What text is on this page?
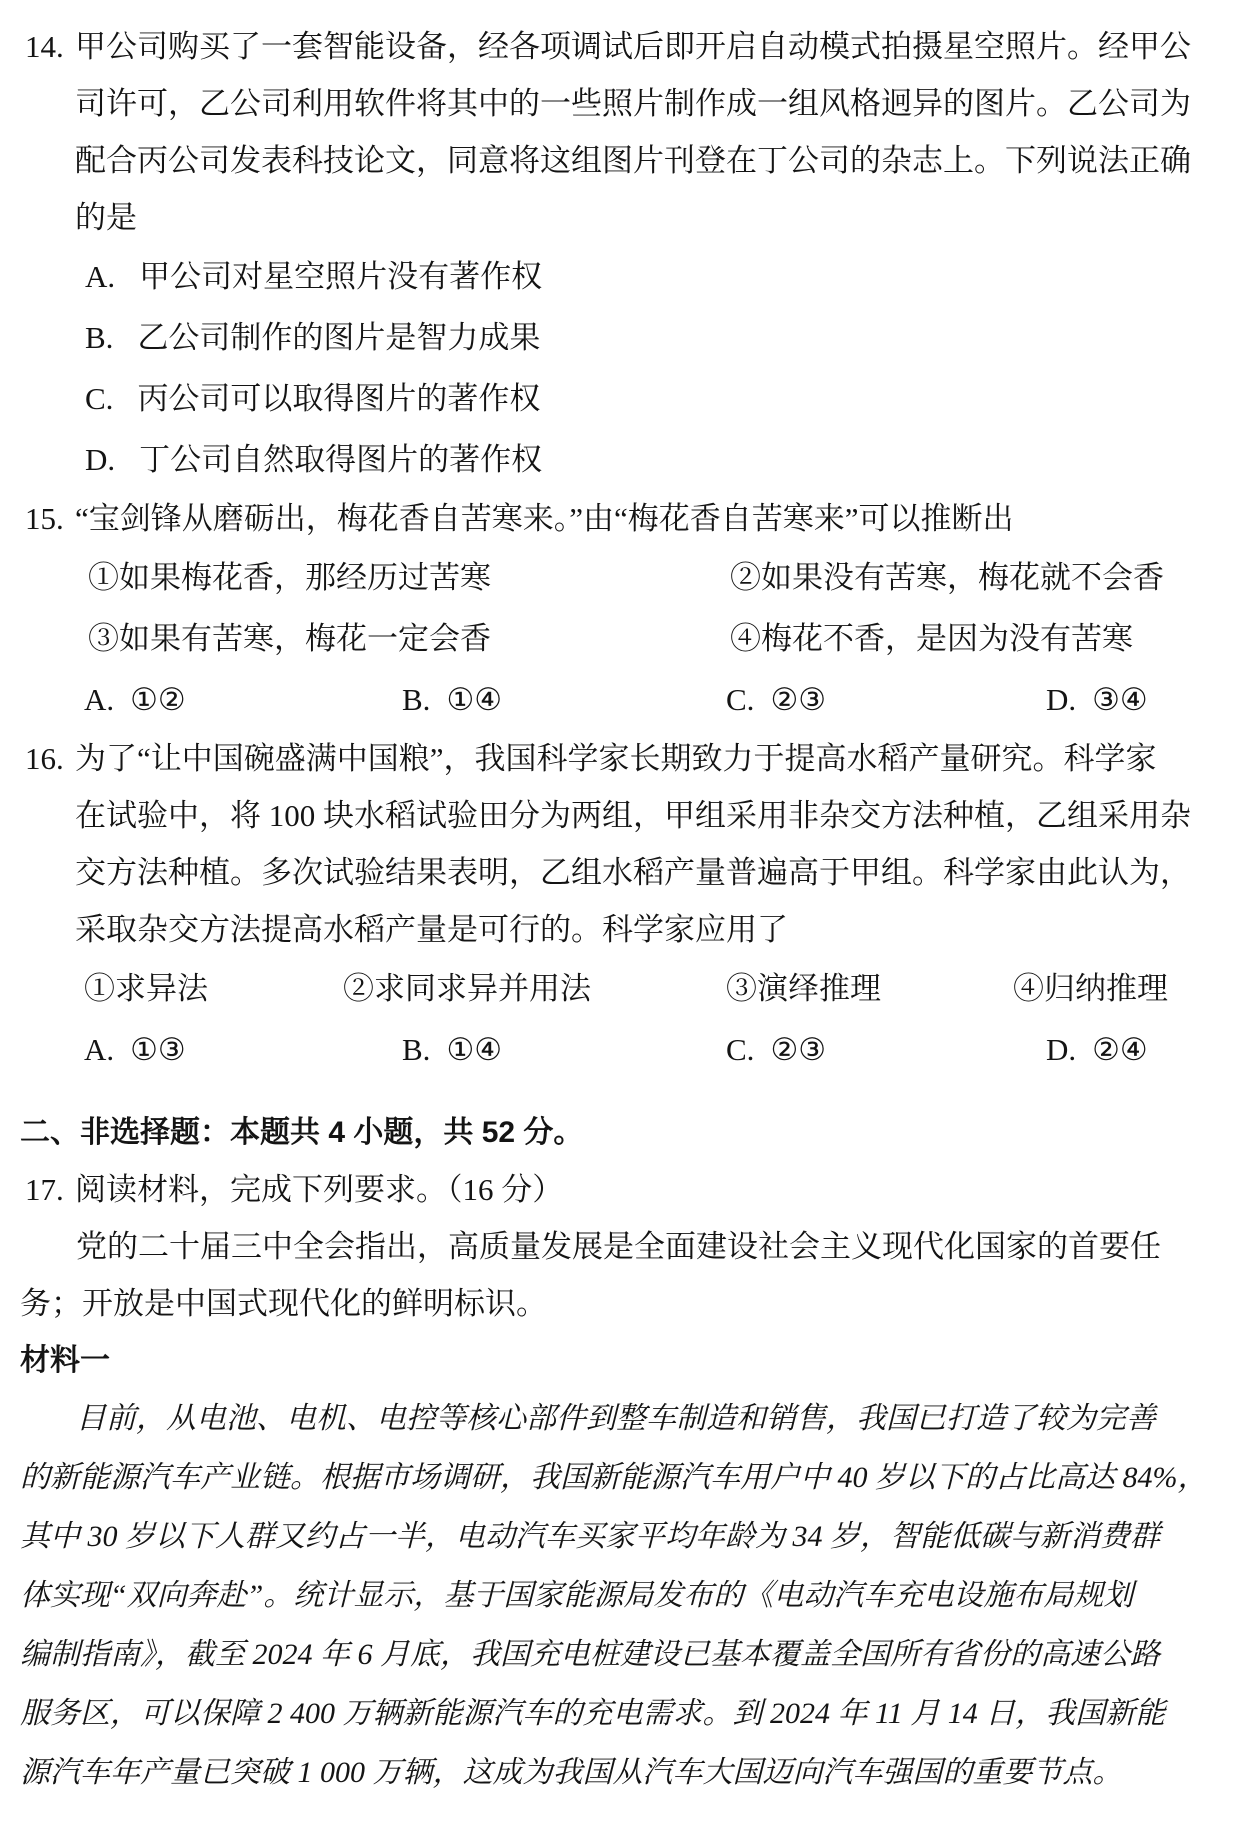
14. 甲公司购买了一套智能设备，经各项调试后即开启自动模式拍摄星空照片。经甲公
司许可，乙公司利用软件将其中的一些照片制作成一组风格迥异的图片。乙公司为
配合丙公司发表科技论文，同意将这组图片刊登在丁公司的杂志上。下列说法正确
的是
A. 甲公司对星空照片没有著作权
B. 乙公司制作的图片是智力成果
C. 丙公司可以取得图片的著作权
D. 丁公司自然取得图片的著作权
15. “宝剑锋从磨砺出，梅花香自苦寒来。”由“梅花香自苦寒来”可以推断出
①如果梅花香，那经历过苦寒	②如果没有苦寒，梅花就不会香
③如果有苦寒，梅花一定会香	④梅花不香，是因为没有苦寒
A. ①②	B. ①④	C. ②③	D. ③④
16. 为了“让中国碗盛满中国粮”，我国科学家长期致力于提高水稻产量研究。科学家
在试验中，将 100 块水稻试验田分为两组，甲组采用非杂交方法种植，乙组采用杂
交方法种植。多次试验结果表明，乙组水稻产量普遍高于甲组。科学家由此认为，
采取杂交方法提高水稻产量是可行的。科学家应用了
①求异法	②求同求异并用法	③演绎推理	④归纳推理
A. ①③	B. ①④	C. ②③	D. ②④
二、非选择题：本题共 4 小题，共 52 分。
17. 阅读材料，完成下列要求。（16 分）
党的二十届三中全会指出，高质量发展是全面建设社会主义现代化国家的首要任
务；开放是中国式现代化的鲜明标识。
材料一
目前，从电池、电机、电控等核心部件到整车制造和销售，我国已打造了较为完善
的新能源汽车产业链。根据市场调研，我国新能源汽车用户中 40 岁以下的占比高达 84%，
其中 30 岁以下人群又约占一半，电动汽车买家平均年龄为 34 岁，智能低碳与新消费群
体实现“双向奔赴”。统计显示，基于国家能源局发布的《电动汽车充电设施布局规划
编制指南》，截至 2024 年 6 月底，我国充电桩建设已基本覆盖全国所有省份的高速公路
服务区，可以保障 2 400 万辆新能源汽车的充电需求。到 2024 年 11 月 14 日，我国新能
源汽车年产量已突破 1 000 万辆，这成为我国从汽车大国迈向汽车强国的重要节点。
